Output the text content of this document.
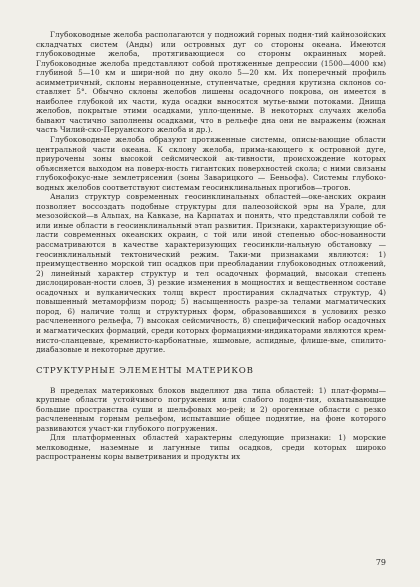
Глубоководные желоба располагаются у подножий горных подня-тий кайнозойских складчатых систем (Анды) или островных дуг со стороны океана. Имеются глубоководные желоба, протягивающиеся со стороны окраинных морей. Глубоководные желоба представляют собой протяженные депрессии (1500—4000 км) глубиной 5—10 км и шири-ной по дну около 5—20 км. Их поперечный профиль асимметричный, склоны неравноценные, ступенчатые, средняя крутизна склонов со-ставляет 5°. Обычно склоны желобов лишены осадочного покрова, он имеется в наиболее глубокой их части, куда осадки выносятся мутье-выми потоками. Днища желобов, покрытые этими осадками, упло-щенные. В некоторых случаях желоба бывают частично заполнены осадками, что в рельефе дна они не выражены (южная часть Чилий-ско-Перуанского желоба и др.).

Глубоководные желоба образуют протяженные системы, описы-вающие области центральной части океана. К склону желоба, прима-кающего к островной дуге, приурочены зоны высокой сейсмической ак-тивности, происхождение которых объясняется выходом на поверх-ность гигантских поверхностей скола; с ними связаны глубокофокус-ные землетрясения (зоны Заварицкого — Беньофа). Системы глубоко-водных желобов соответствуют системам геосинклинальных прогибов—трогов.

Анализ структур современных геосинклинальных областей—оке-анских окраин позволяет воссоздать подобные структуры для палеозойской эры на Урале, для мезозойской—в Альпах, на Кавказе, на Карпатах и понять, что представляли собой те или иные области в геосинклинальный этап развития. Признаки, характеризующие об-ласти современных океанских окраин, с той или иной степенью обос-нованности рассматриваются в качестве характеризующих геосинкли-нальную обстановку — геосинклинальный тектонический режим. Таки-ми признаками являются: 1) преимущественно морской тип осадков при преобладании глубоководных отложений, 2) линейный характер структур и тел осадочных формаций, высокая степень дислоцирован-ности слоев, 3) резкие изменения в мощностях и вещественном составе осадочных и вулканических толщ вкрест простирания складчатых структур, 4) повышенный метаморфизм пород; 5) насыщенность разре-за телами магматических пород, 6) наличие толщ и структурных форм, образовавшихся в условиях резко расчлененного рельефа, 7) высокая сейсмичность, 8) специфический набор осадочных и магматических формаций, среди которых формациями-индикаторами являются крем-нисто-сланцевые, кремнисто-карбонатные, яшмовые, аспидные, флише-вые, спилито-диабазовые и некоторые другие.

СТРУКТУРНЫЕ ЭЛЕМЕНТЫ МАТЕРИКОВ

В пределах материковых блоков выделяют два типа областей: 1) плат-формы—крупные области устойчивого погружения или слабого подня-тия, охватывающие большие пространства суши и шельфовых мо-рей; и 2) орогенные области с резко расчлененным горным рельефом, испытавшие общее поднятие, на фоне которого развиваются участ-ки глубокого погружения.

Для платформенных областей характерны следующие признаки: 1) морские мелководные, наземные и лагунные типы осадков, среди которых широко распространены коры выветривания и продукты их

79
